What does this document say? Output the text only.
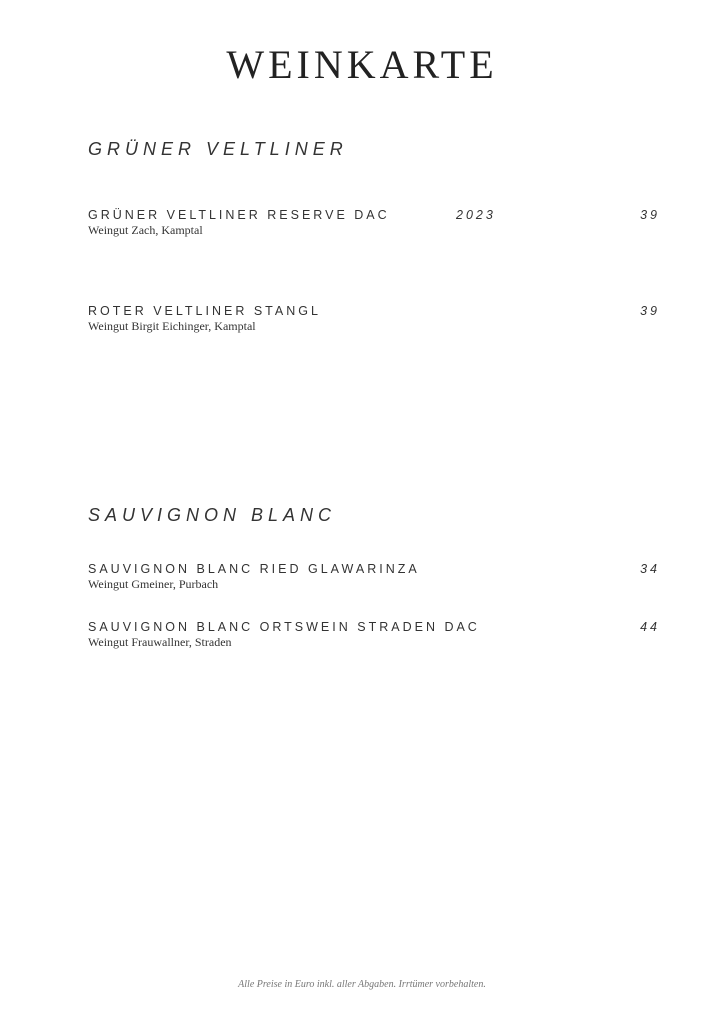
WEINKARTE
GRÜNER VELTLINER
GRÜNER VELTLINER RESERVE DAC
Weingut Zach, Kamptal
2023	39
ROTER VELTLINER STANGL
Weingut Birgit Eichinger, Kamptal
39
SAUVIGNON BLANC
SAUVIGNON BLANC RIED GLAWARINZA
Weingut Gmeiner, Purbach
34
SAUVIGNON BLANC ORTSWEIN STRADEN DAC
Weingut Frauwallner, Straden
44
Alle Preise in Euro inkl. aller Abgaben. Irrtümer vorbehalten.
